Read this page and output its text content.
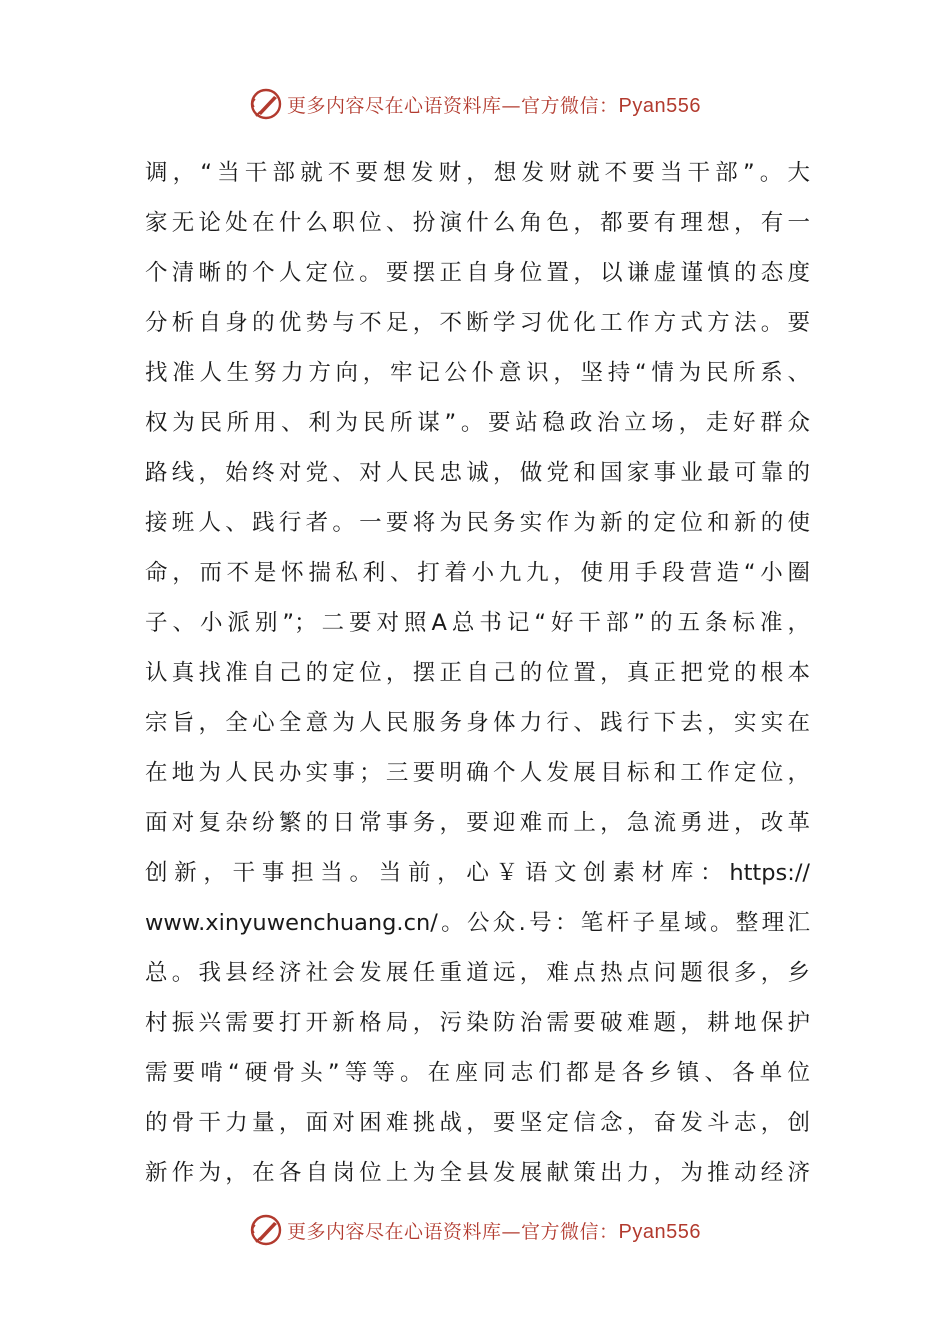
更多内容尽在心语资料库—官方微信：Pyan556
调，“当干部就不要想发财，想发财就不要当干部”。大
家无论处在什么职位、扮演什么角色，都要有理想，有一
个清晰的个人定位。要摆正自身位置，以谦虚谨慎的态度
分析自身的优势与不足，不断学习优化工作方式方法。要
找准人生努力方向，牢记公仆意识，坚持“情为民所系、
权为民所用、利为民所谋”。要站稳政治立场，走好群众
路线，始终对党、对人民忠诚，做党和国家事业最可靠的
接班人、践行者。一要将为民务实作为新的定位和新的使
命，而不是怀揣私利、打着小九九，使用手段营造“小圈
子、小派别”；二要对照A总书记“好干部”的五条标准，
认真找准自己的定位，摆正自己的位置，真正把党的根本
宗旨，全心全意为人民服务身体力行、践行下去，实实在
在地为人民办实事；三要明确个人发展目标和工作定位，
面对复杂纷繁的日常事务，要迎难而上，急流勇进，改革
创新，干事担当。当前，心￥语文创素材库：https://
www.xinyuwenchuang.cn/。公众.号：笔杆子星域。整理汇
总。我县经济社会发展任重道远，难点热点问题很多，乡
村振兴需要打开新格局，污染防治需要破难题，耕地保护
需要啃“硬骨头”等等。在座同志们都是各乡镇、各单位
的骨干力量，面对困难挑战，要坚定信念，奋发斗志，创
新作为，在各自岗位上为全县发展献策出力，为推动经济
更多内容尽在心语资料库—官方微信：Pyan556
